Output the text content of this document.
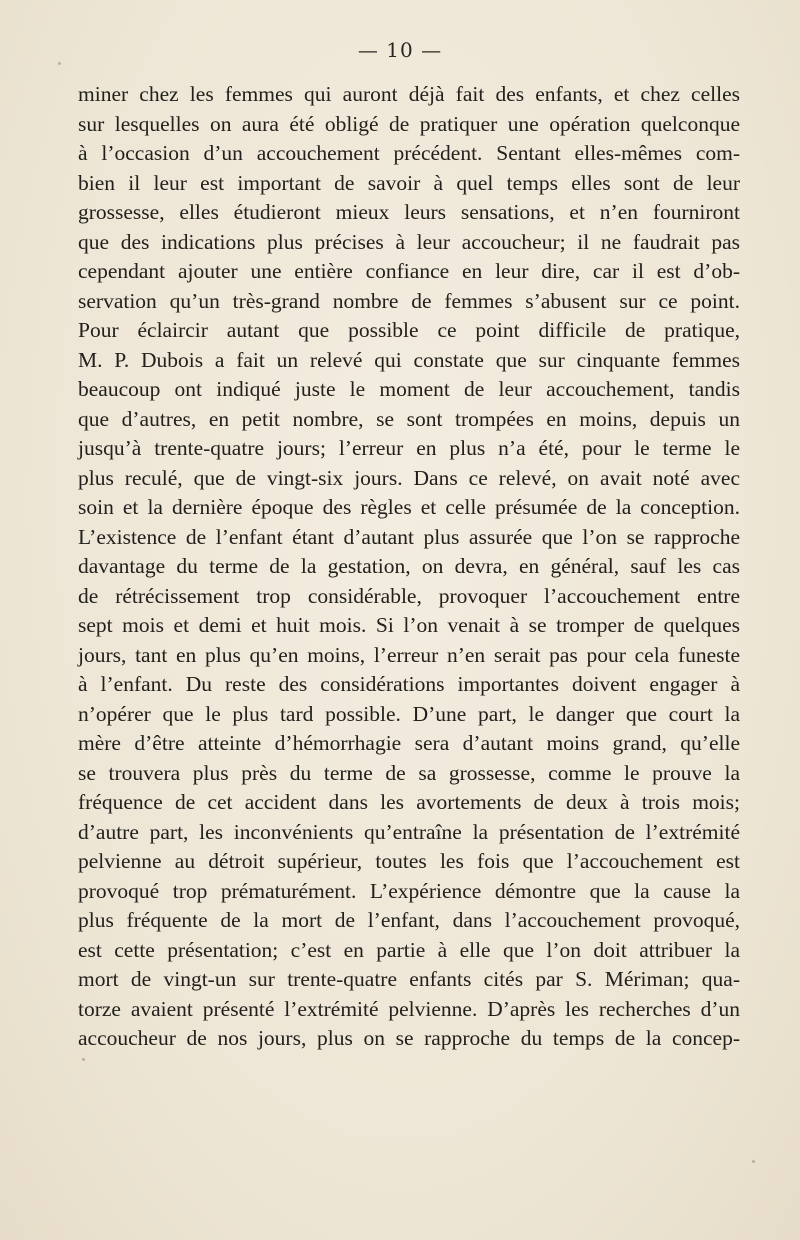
— 10 —
miner chez les femmes qui auront déjà fait des enfants, et chez celles
sur lesquelles on aura été obligé de pratiquer une opération quelconque
à l’occasion d’un accouchement précédent. Sentant elles-mêmes com-
bien il leur est important de savoir à quel temps elles sont de leur
grossesse, elles étudieront mieux leurs sensations, et n’en fourniront
que des indications plus précises à leur accoucheur; il ne faudrait pas
cependant ajouter une entière confiance en leur dire, car il est d’ob-
servation qu’un très-grand nombre de femmes s’abusent sur ce point.
Pour éclaircir autant que possible ce point difficile de pratique,
M. P. Dubois a fait un relevé qui constate que sur cinquante femmes
beaucoup ont indiqué juste le moment de leur accouchement, tandis
que d’autres, en petit nombre, se sont trompées en moins, depuis un
jusqu’à trente-quatre jours; l’erreur en plus n’a été, pour le terme le
plus reculé, que de vingt-six jours. Dans ce relevé, on avait noté avec
soin et la dernière époque des règles et celle présumée de la conception.
L’existence de l’enfant étant d’autant plus assurée que l’on se rapproche
davantage du terme de la gestation, on devra, en général, sauf les cas
de rétrécissement trop considérable, provoquer l’accouchement entre
sept mois et demi et huit mois. Si l’on venait à se tromper de quelques
jours, tant en plus qu’en moins, l’erreur n’en serait pas pour cela funeste
à l’enfant. Du reste des considérations importantes doivent engager à
n’opérer que le plus tard possible. D’une part, le danger que court la
mère d’être atteinte d’hémorrhagie sera d’autant moins grand, qu’elle
se trouvera plus près du terme de sa grossesse, comme le prouve la
fréquence de cet accident dans les avortements de deux à trois mois;
d’autre part, les inconvénients qu’entraîne la présentation de l’extrémité
pelvienne au détroit supérieur, toutes les fois que l’accouchement est
provoqué trop prématurément. L’expérience démontre que la cause la
plus fréquente de la mort de l’enfant, dans l’accouchement provoqué,
est cette présentation; c’est en partie à elle que l’on doit attribuer la
mort de vingt-un sur trente-quatre enfants cités par S. Mériman; qua-
torze avaient présenté l’extrémité pelvienne. D’après les recherches d’un
accoucheur de nos jours, plus on se rapproche du temps de la concep-
